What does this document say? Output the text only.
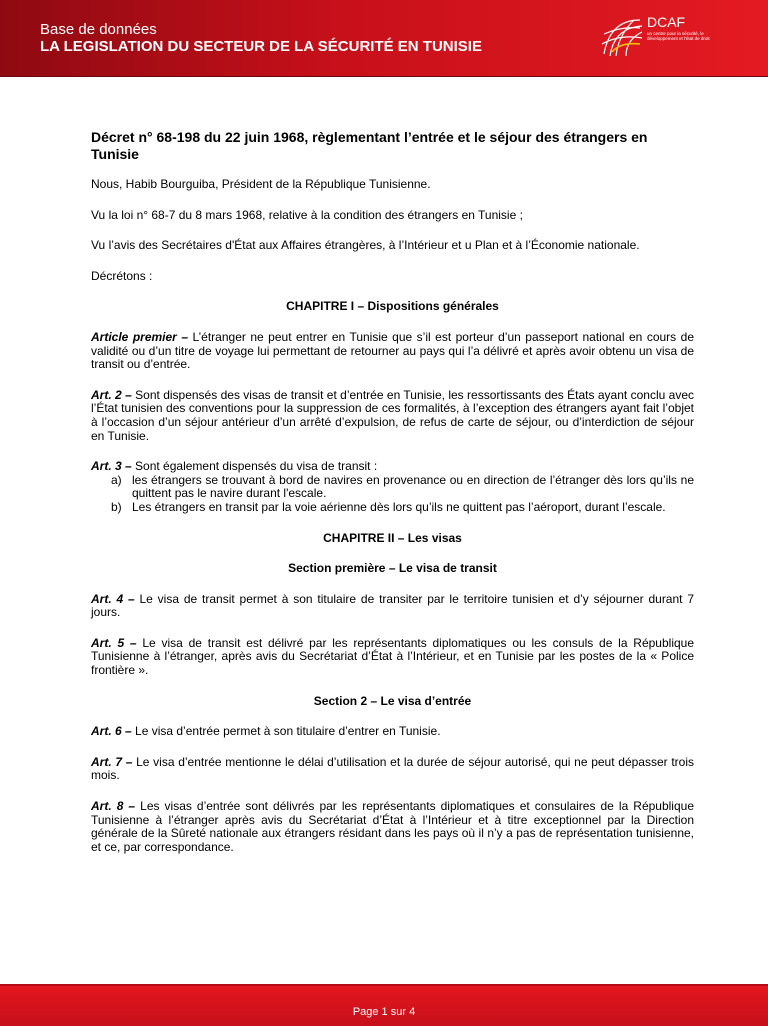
Base de données
LA LEGISLATION DU SECTEUR DE LA SÉCURITÉ EN TUNISIE
DCAF
un centre pour la sécurité, le développement et l'état de droit
Décret n° 68-198 du 22 juin 1968, règlementant l’entrée et le séjour des étrangers en Tunisie

Nous, Habib Bourguiba, Président de la République Tunisienne.

Vu la loi n° 68-7 du 8 mars 1968, relative à la condition des étrangers en Tunisie ;

Vu l’avis des Secrétaires d'État aux Affaires étrangères, à l’Intérieur et u Plan et à l’Économie nationale.

Décrétons :

CHAPITRE I – Dispositions générales

Article premier – L’étranger ne peut entrer en Tunisie que s’il est porteur d’un passeport national en cours de validité ou d’un titre de voyage lui permettant de retourner au pays qui l’a délivré et après avoir obtenu un visa de transit ou d’entrée.

Art. 2 – Sont dispensés des visas de transit et d’entrée en Tunisie, les ressortissants des États ayant conclu avec l’État tunisien des conventions pour la suppression de ces formalités, à l’exception des étrangers ayant fait l’objet à l’occasion d’un séjour antérieur d’un arrêté d’expulsion, de refus de carte de séjour, ou d’interdiction de séjour en Tunisie.

Art. 3 – Sont également dispensés du visa de transit :

a) les étrangers se trouvant à bord de navires en provenance ou en direction de l’étranger dès lors qu’ils ne quittent pas le navire durant l'escale.
b) Les étrangers en transit par la voie aérienne dès lors qu’ils ne quittent pas l’aéroport, durant l’escale.

CHAPITRE II – Les visas

Section première – Le visa de transit

Art. 4 – Le visa de transit permet à son titulaire de transiter par le territoire tunisien et d’y séjourner durant 7 jours.

Art. 5 – Le visa de transit est délivré par les représentants diplomatiques ou les consuls de la République Tunisienne à l’étranger, après avis du Secrétariat d’État à l’Intérieur, et en Tunisie par les postes de la « Police frontière ».

Section 2 – Le visa d’entrée

Art. 6 – Le visa d’entrée permet à son titulaire d’entrer en Tunisie.

Art. 7 – Le visa d’entrée mentionne le délai d’utilisation et la durée de séjour autorisé, qui ne peut dépasser trois mois.

Art. 8 – Les visas d’entrée sont délivrés par les représentants diplomatiques et consulaires de la République Tunisienne à l’étranger après avis du Secrétariat d’État à l’Intérieur et à titre exceptionnel par la Direction générale de la Sûreté nationale aux étrangers résidant dans les pays où il n’y a pas de représentation tunisienne, et ce, par correspondance.

Page 1 sur 4
